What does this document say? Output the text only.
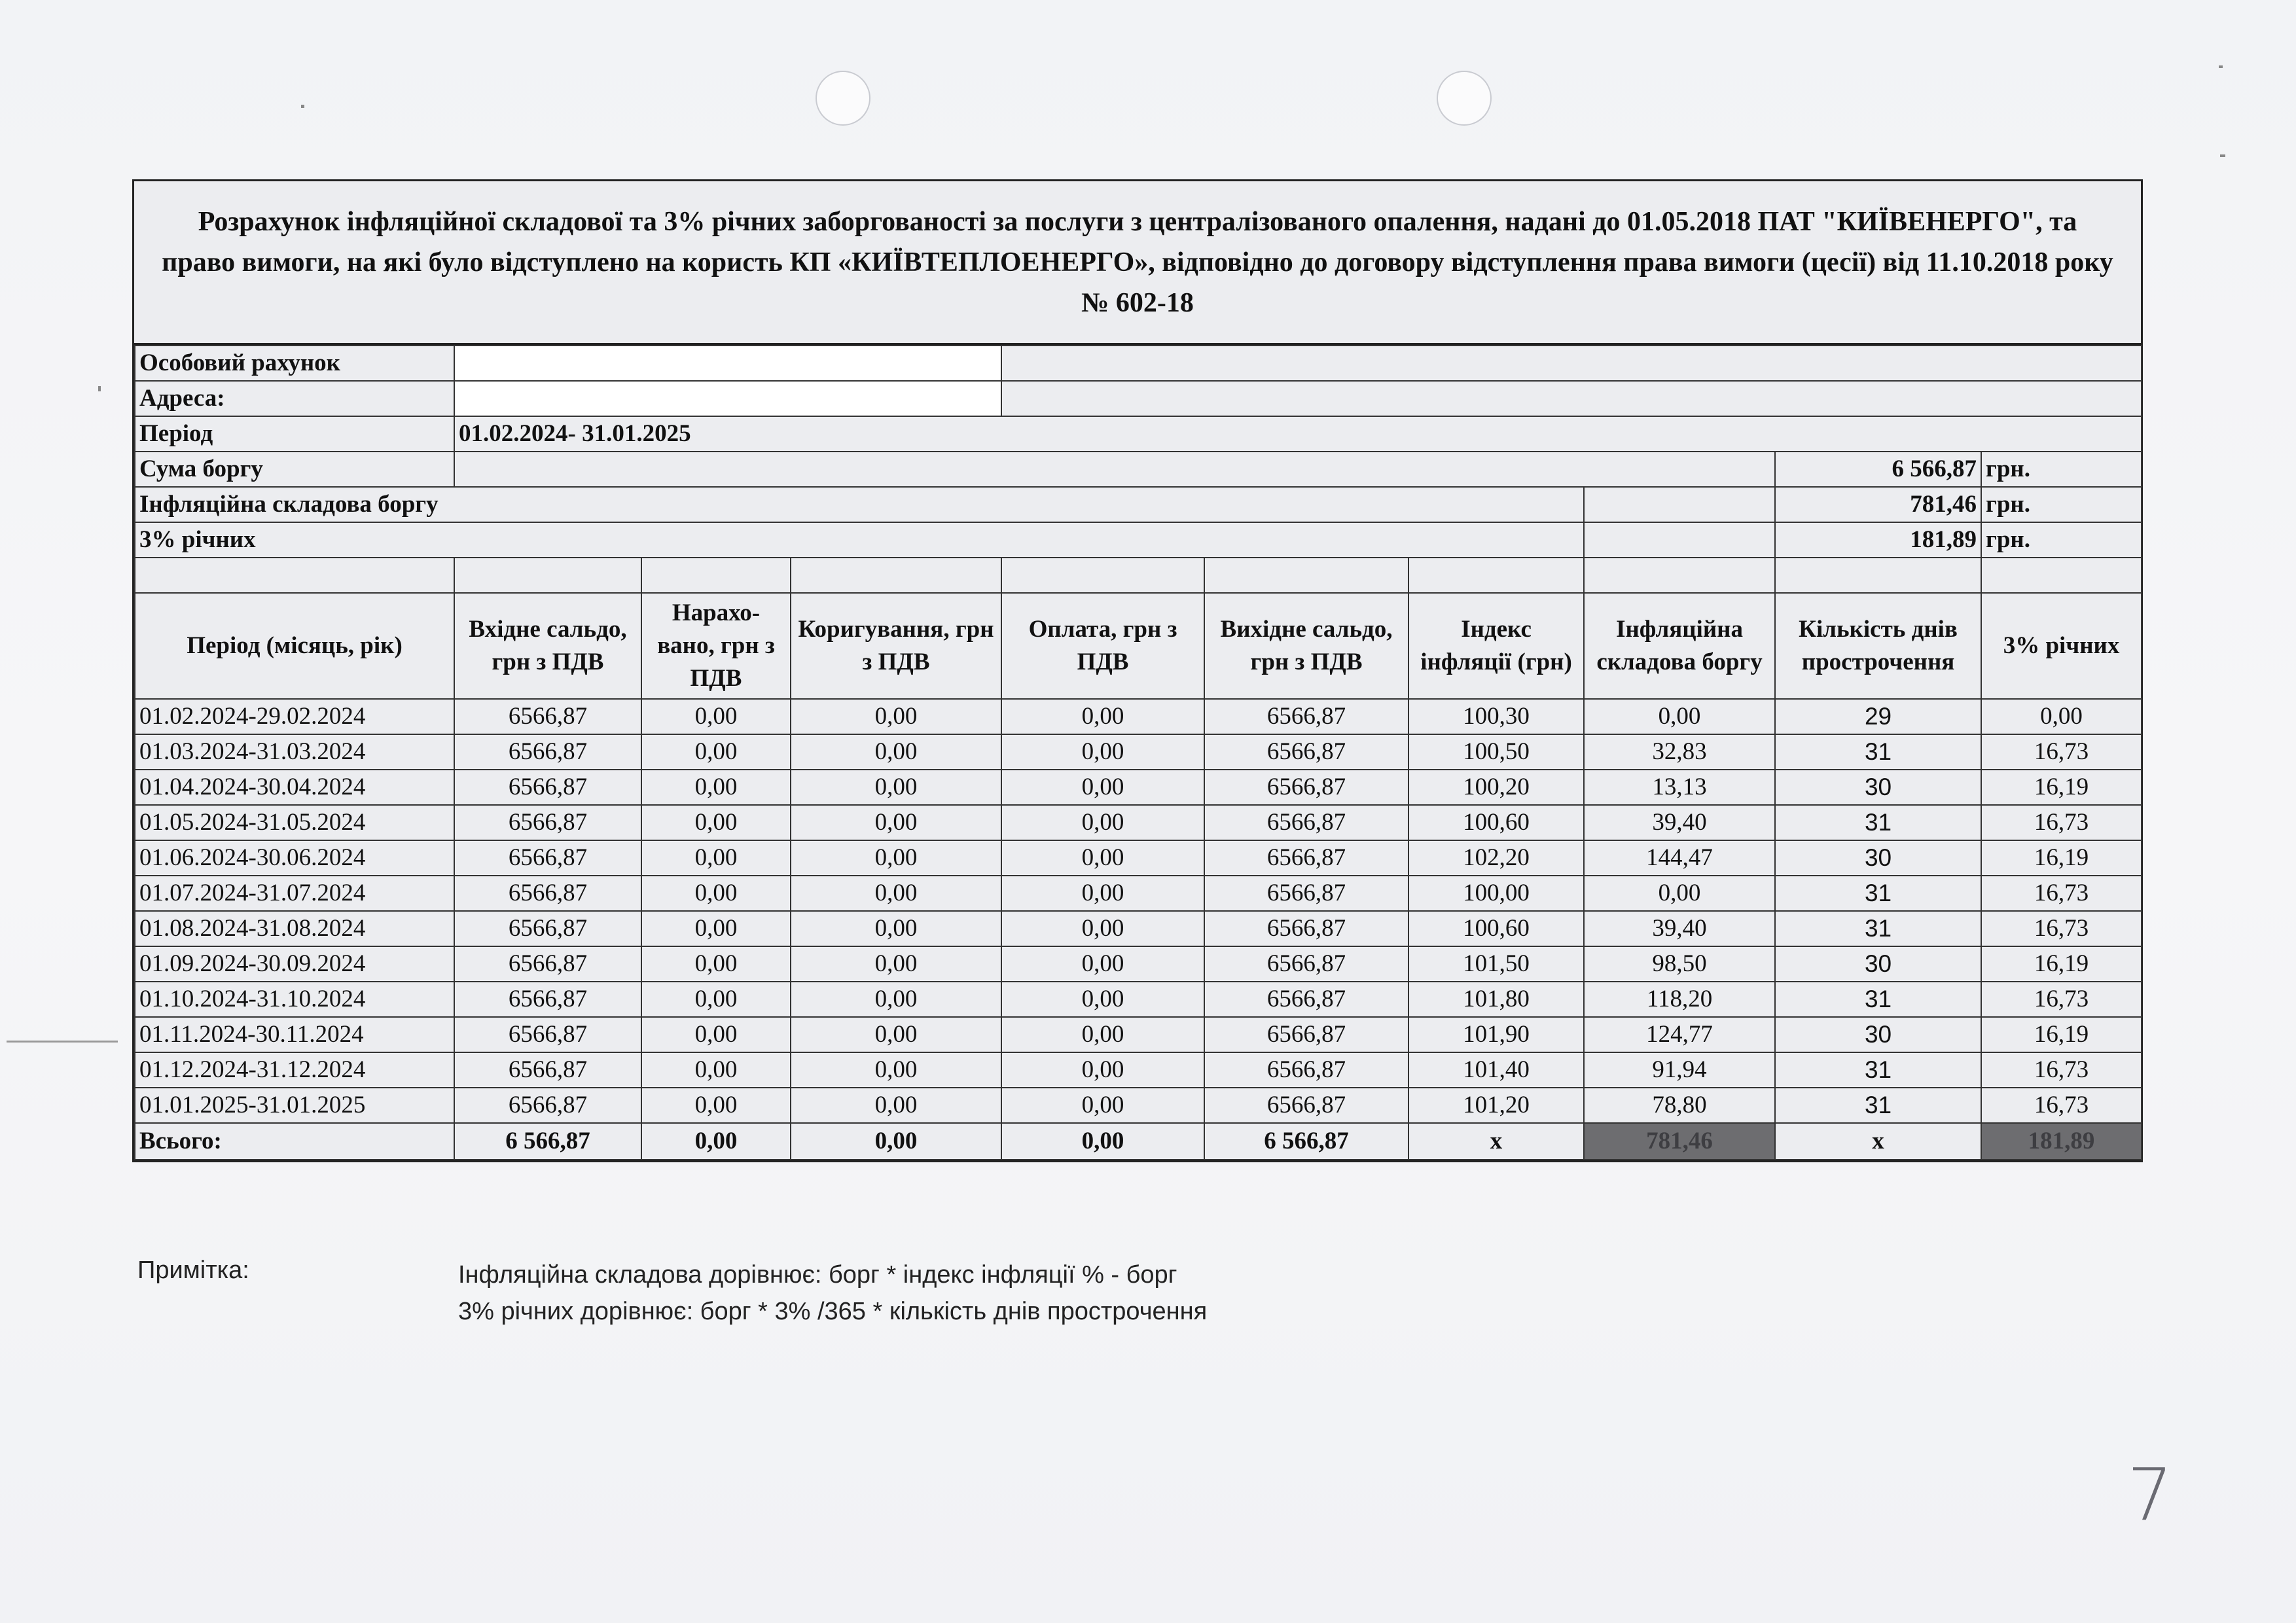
Розрахунок інфляційної складової та 3% річних заборгованості за послуги з централізованого опалення, надані до 01.05.2018 ПАТ "КИЇВЕНЕРГО", та право вимоги, на які було відступлено на користь КП «КИЇВТЕПЛОЕНЕРГО», відповідно до договору відступлення права вимоги (цесії) від 11.10.2018 року № 602-18
Особовий рахунок									
Адреса:									
Період	01.02.2024- 31.01.2025								
Сума боргу								6 566,87	грн.
Інфляційна складова боргу								781,46	грн.
3% річних								181,89	грн.

Період (місяць, рік)	Вхідне сальдо, грн з ПДВ	Нарахо-вано, грн з ПДВ	Коригування, грн з ПДВ	Оплата, грн з ПДВ	Вихідне сальдо, грн з ПДВ	Індекс інфляції (грн)	Інфляційна складова боргу	Кількість днів прострочення	3% річних
01.02.2024-29.02.2024	6566,87	0,00	0,00	0,00	6566,87	100,30	0,00	29	0,00
01.03.2024-31.03.2024	6566,87	0,00	0,00	0,00	6566,87	100,50	32,83	31	16,73
01.04.2024-30.04.2024	6566,87	0,00	0,00	0,00	6566,87	100,20	13,13	30	16,19
01.05.2024-31.05.2024	6566,87	0,00	0,00	0,00	6566,87	100,60	39,40	31	16,73
01.06.2024-30.06.2024	6566,87	0,00	0,00	0,00	6566,87	102,20	144,47	30	16,19
01.07.2024-31.07.2024	6566,87	0,00	0,00	0,00	6566,87	100,00	0,00	31	16,73
01.08.2024-31.08.2024	6566,87	0,00	0,00	0,00	6566,87	100,60	39,40	31	16,73
01.09.2024-30.09.2024	6566,87	0,00	0,00	0,00	6566,87	101,50	98,50	30	16,19
01.10.2024-31.10.2024	6566,87	0,00	0,00	0,00	6566,87	101,80	118,20	31	16,73
01.11.2024-30.11.2024	6566,87	0,00	0,00	0,00	6566,87	101,90	124,77	30	16,19
01.12.2024-31.12.2024	6566,87	0,00	0,00	0,00	6566,87	101,40	91,94	31	16,73
01.01.2025-31.01.2025	6566,87	0,00	0,00	0,00	6566,87	101,20	78,80	31	16,73
Всього:	6 566,87	0,00	0,00	0,00	6 566,87	x	781,46	x	181,89
Примітка:	Інфляційна складова дорівнює: борг * індекс інфляції % - борг
3% річних дорівнює: борг * 3% /365 * кількість днів прострочення
7
